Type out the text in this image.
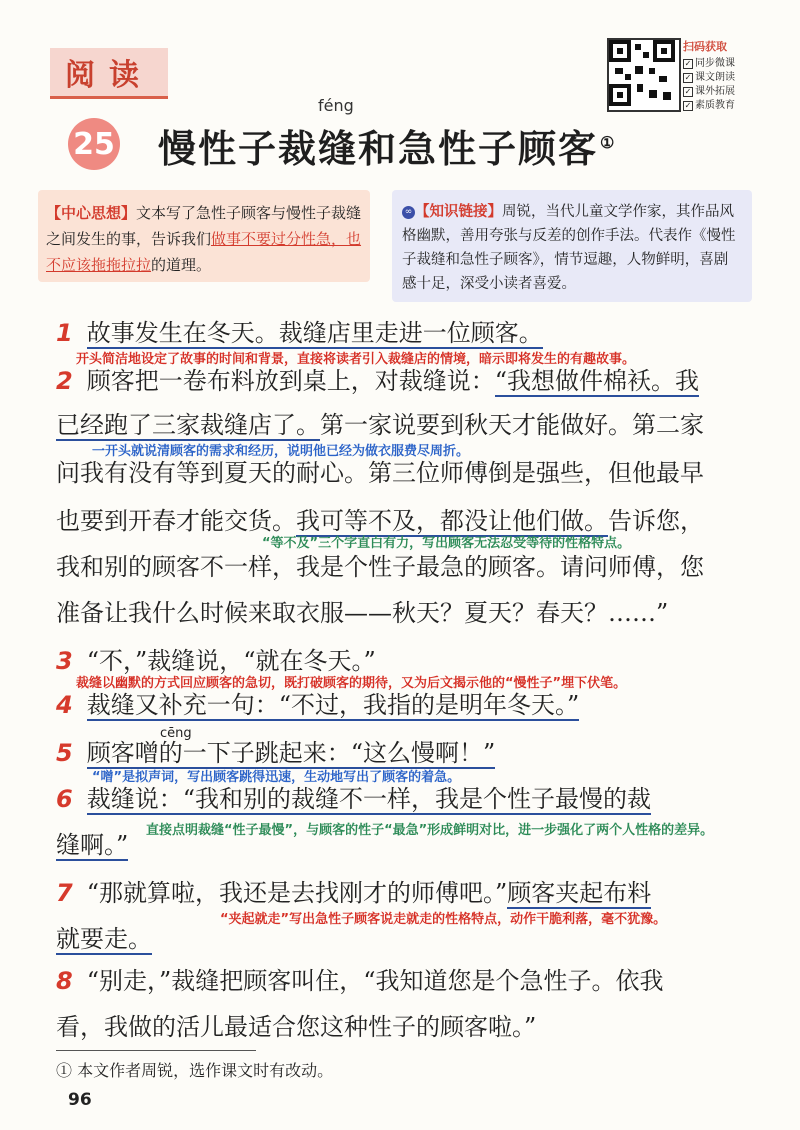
阅读
féng
25 慢性子裁缝和急性子顾客 ①
扫码获取
✓ 同步微课
✓ 课文朗读
✓ 课外拓展
✓ 素质教育
【中心思想】文本写了急性子顾客与慢性子裁缝之间发生的事，告诉我们做事不要过分性急，也不应该拖拖拉拉的道理。
∞ 【知识链接】周锐，当代儿童文学作家，其作品风格幽默，善用夸张与反差的创作手法。代表作《慢性子裁缝和急性子顾客》，情节逗趣，人物鲜明，喜剧感十足，深受小读者喜爱。
1 故事发生在冬天。裁缝店里走进一位顾客。
开头简洁地设定了故事的时间和背景，直接将读者引入裁缝店的情境，暗示即将发生的有趣故事。
2 顾客把一卷布料放到桌上，对裁缝说：“我想做件棉袄。我
已经跑了三家裁缝店了。第一家说要到秋天才能做好。第二家
一开头就说清顾客的需求和经历，说明他已经为做衣服费尽周折。
问我有没有等到夏天的耐心。第三位师傅倒是强些，但他最早
也要到开春才能交货。我可等不及，都没让他们做。告诉您，
“等不及”三个字直白有力，写出顾客无法忍受等待的性格特点。
我和别的顾客不一样，我是个性子最急的顾客。请问师傅，您
准备让我什么时候来取衣服——秋天？夏天？春天？……”
3 “不，”裁缝说，“就在冬天。”
裁缝以幽默的方式回应顾客的急切，既打破顾客的期待，又为后文揭示他的“慢性子”埋下伏笔。
4 裁缝又补充一句：“不过，我指的是明年冬天。”
cēng
5 顾客噌的一下子跳起来：“这么慢啊！”
“噌”是拟声词，写出顾客跳得迅速，生动地写出了顾客的着急。
6 裁缝说：“我和别的裁缝不一样，我是个性子最慢的裁
缝啊。”
直接点明裁缝“性子最慢”，与顾客的性子“最急”形成鲜明对比，进一步强化了两个人性格的差异。
7 “那就算啦，我还是去找刚才的师傅吧。”顾客夹起布料
“夹起就走”写出急性子顾客说走就走的性格特点，动作干脆利落，毫不犹豫。
就要走。
8 “别走，”裁缝把顾客叫住，“我知道您是个急性子。依我
看，我做的活儿最适合您这种性子的顾客啦。”
① 本文作者周锐，选作课文时有改动。
96
